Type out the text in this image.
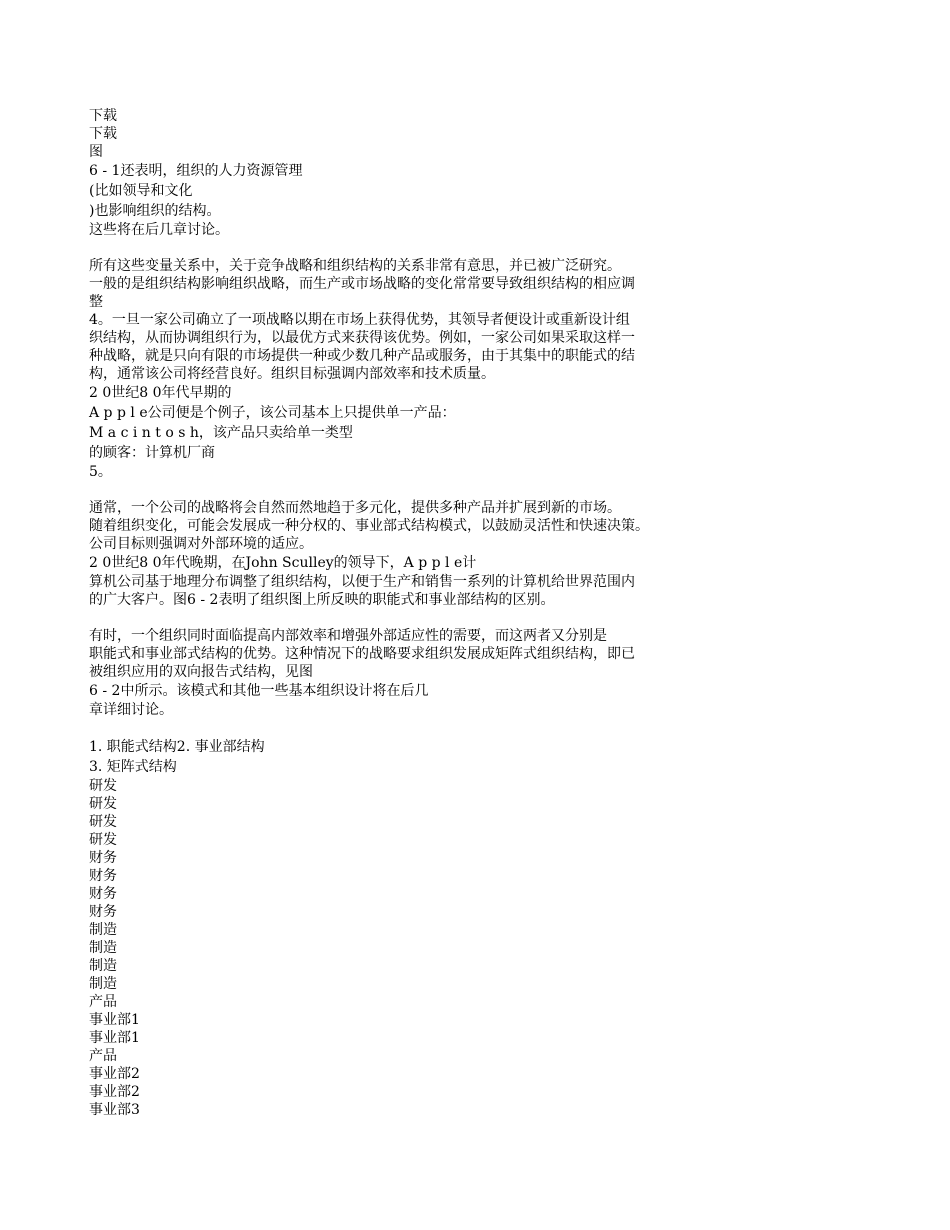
下载
下载
图
6 - 1还表明，组织的人力资源管理
(比如领导和文化
)也影响组织的结构。
这些将在后几章讨论。
所有这些变量关系中，关于竞争战略和组织结构的关系非常有意思，并已被广泛研究。
一般的是组织结构影响组织战略，而生产或市场战略的变化常常要导致组织结构的相应调
整
4。一旦一家公司确立了一项战略以期在市场上获得优势，其领导者便设计或重新设计组
织结构，从而协调组织行为，以最优方式来获得该优势。例如，一家公司如果采取这样一
种战略，就是只向有限的市场提供一种或少数几种产品或服务，由于其集中的职能式的结
构，通常该公司将经营良好。组织目标强调内部效率和技术质量。
2 0世纪8 0年代早期的
A p p l e公司便是个例子，该公司基本上只提供单一产品：
M a c i n t o s h，该产品只卖给单一类型
的顾客：计算机厂商
5。
通常，一个公司的战略将会自然而然地趋于多元化，提供多种产品并扩展到新的市场。
随着组织变化，可能会发展成一种分权的、事业部式结构模式，以鼓励灵活性和快速决策。
公司目标则强调对外部环境的适应。
2 0世纪8 0年代晚期，在John Sculley的领导下，A p p l e计
算机公司基于地理分布调整了组织结构，以便于生产和销售一系列的计算机给世界范围内
的广大客户。图6 - 2表明了组织图上所反映的职能式和事业部结构的区别。
有时，一个组织同时面临提高内部效率和增强外部适应性的需要，而这两者又分别是
职能式和事业部式结构的优势。这种情况下的战略要求组织发展成矩阵式组织结构，即已
被组织应用的双向报告式结构，见图
6 - 2中所示。该模式和其他一些基本组织设计将在后几
章详细讨论。
1. 职能式结构2. 事业部结构
3. 矩阵式结构
研发
研发
研发
研发
财务
财务
财务
财务
制造
制造
制造
制造
产品
事业部1
事业部1
产品
事业部2
事业部2
事业部3
